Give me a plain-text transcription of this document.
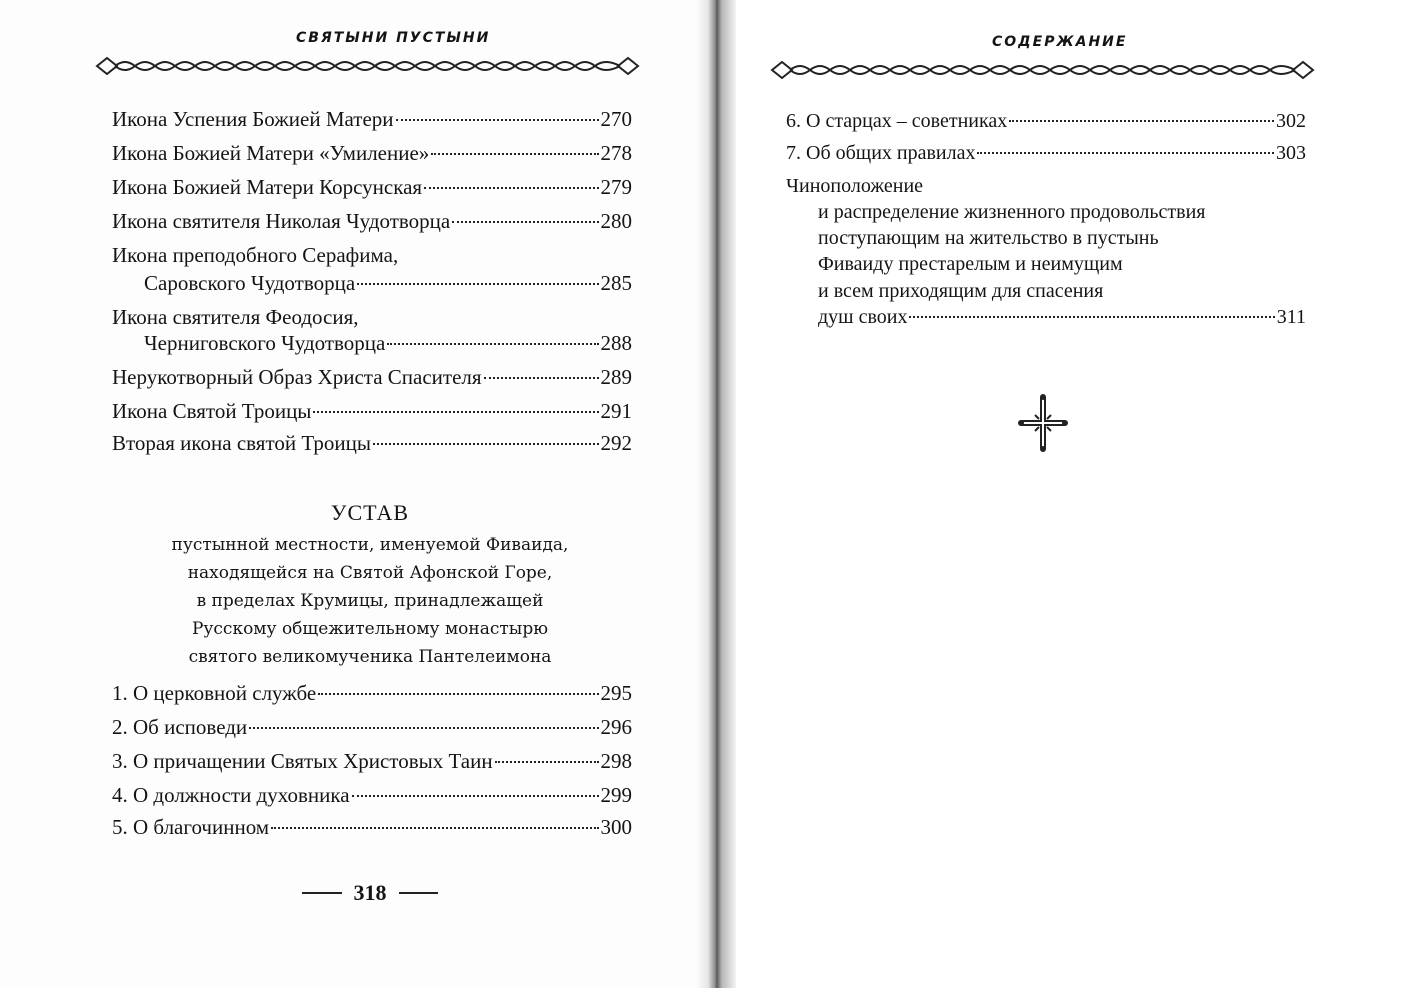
СВЯТЫНИ ПУСТЫНИ
Икона Успения Божией Матери	270
Икона Божией Матери «Умиление»	278
Икона Божией Матери Корсунская	279
Икона святителя Николая Чудотворца	280
Икона преподобного Серафима,
Саровского Чудотворца	285
Икона святителя Феодосия,
Черниговского Чудотворца	288
Нерукотворный Образ Христа Спасителя	289
Икона Святой Троицы	291
Вторая икона святой Троицы	292
УСТАВ
пустынной местности, именуемой Фиваида,
находящейся на Святой Афонской Горе,
в пределах Крумицы, принадлежащей
Русскому общежительному монастырю
святого великомученика Пантелеимона
1. О церковной службе	295
2. Об исповеди	296
3. О причащении Святых Христовых Таин	298
4. О должности духовника	299
5. О благочинном	300
318
СОДЕРЖАНИЕ
6. О старцах – советниках	302
7. Об общих правилах	303
Чиноположение
и распределение жизненного продовольствия
поступающим на жительство в пустынь
Фиваиду престарелым и неимущим
и всем приходящим для спасения
душ своих	311
